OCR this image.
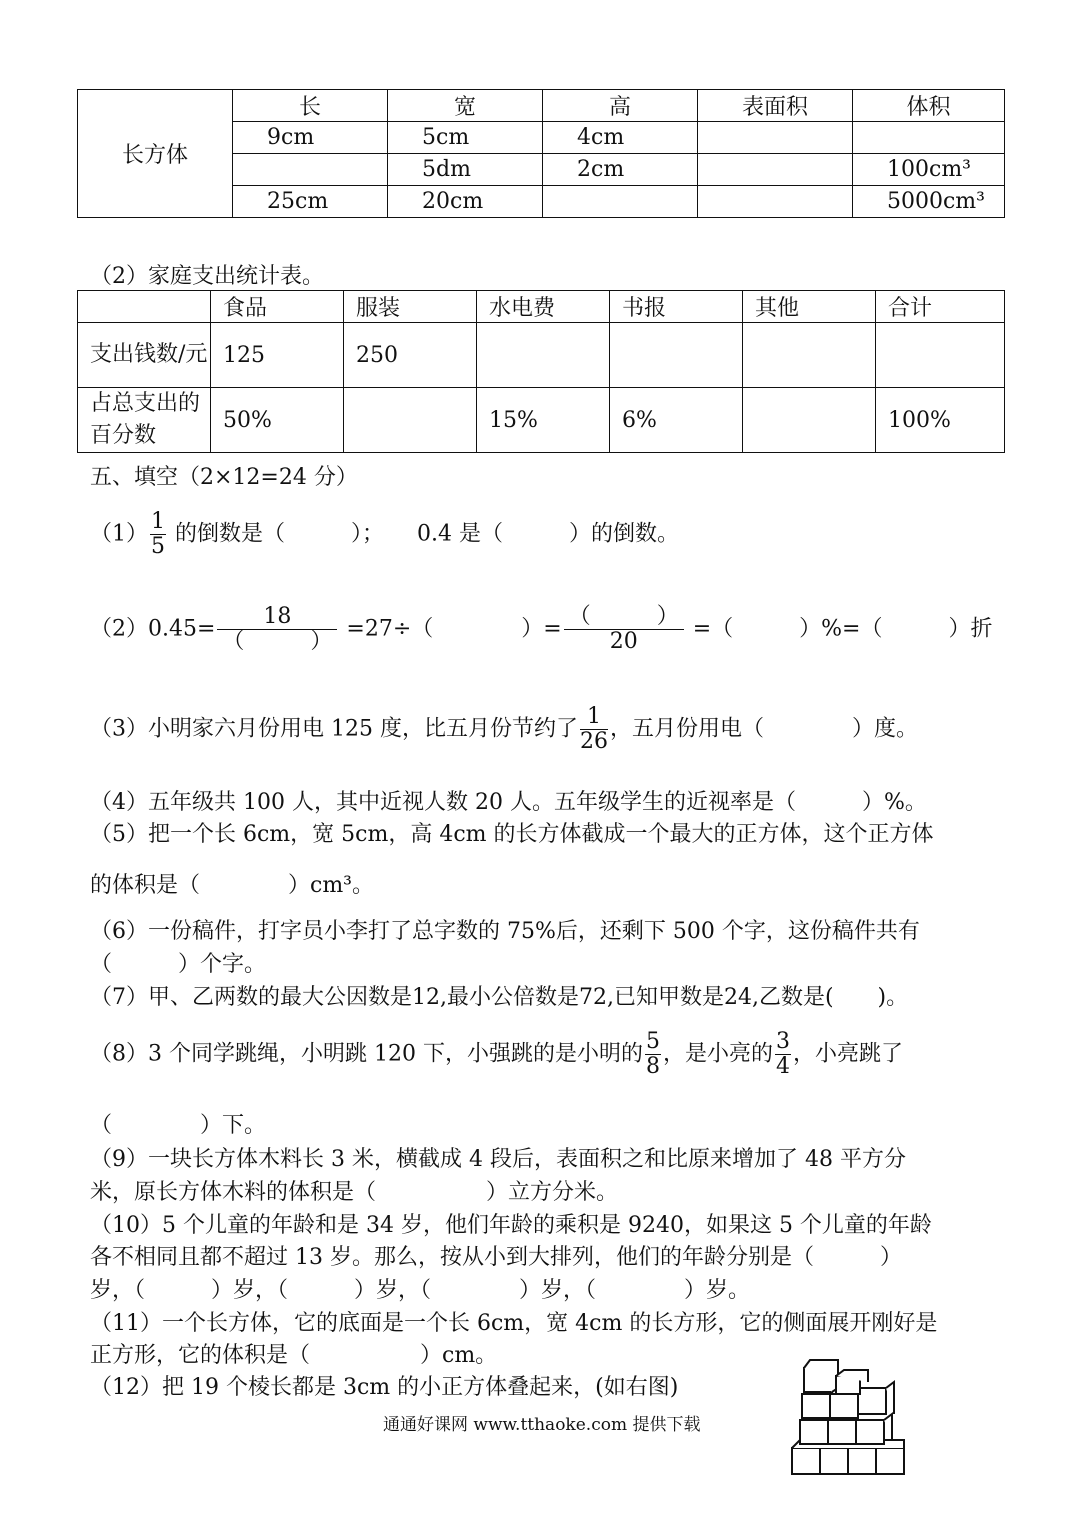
长方体	长	宽	高	表面积	体积
	9cm	5cm	4cm		
		5dm	2cm		100cm³
	25cm	20cm			5000cm³
（2）家庭支出统计表。
	食品	服装	水电费	书报	其他	合计
支出钱数/元	125	250				
占总支出的百分数	50%		15%	6%		100%
五、填空（2×12=24 分）
$(1) \frac{1}{5}$ 的倒数是（　　　）；　　0.4 是（　　　）的倒数。
$(2)0.45= \frac{18}{( )} =27\div$（　　　　）= $\frac{( )}{20}$ =（　　　）%=（　　　）折
（3）小明家六月份用电 125 度，比五月份节约了 $\frac{1}{26}$ ，五月份用电（　　　　）度。
（4）五年级共 100 人，其中近视人数 20 人。五年级学生的近视率是（　　　）%。
（5）把一个长 6cm，宽 5cm，高 4cm 的长方体截成一个最大的正方体，这个正方体
的体积是（　　　　）cm³。
（6）一份稿件，打字员小李打了总字数的 75%后，还剩下 500 个字，这份稿件共有
（　　　）个字。
（7）甲、乙两数的最大公因数是12,最小公倍数是72,已知甲数是24,乙数是(　　)。
（8）3 个同学跳绳，小明跳 120 下，小强跳的是小明的 $\frac{5}{8}$ ，是小亮的 $\frac{3}{4}$ ，小亮跳了
（　　　　）下。
（9）一块长方体木料长 3 米，横截成 4 段后，表面积之和比原来增加了 48 平方分
米，原长方体木料的体积是（　　　　　）立方分米。
（10）5 个儿童的年龄和是 34 岁，他们年龄的乘积是 9240，如果这 5 个儿童的年龄
各不相同且都不超过 13 岁。那么，按从小到大排列，他们的年龄分别是（　　　）
岁，（　　　）岁，（　　　）岁，（　　　　）岁，（　　　　）岁。
（11）一个长方体，它的底面是一个长 6cm，宽 4cm 的长方形，它的侧面展开刚好是
正方形，它的体积是（　　　　　）cm。
（12）把 19 个棱长都是 3cm 的小正方体叠起来，(如右图)
通通好课网 www.tthaoke.com 提供下载
